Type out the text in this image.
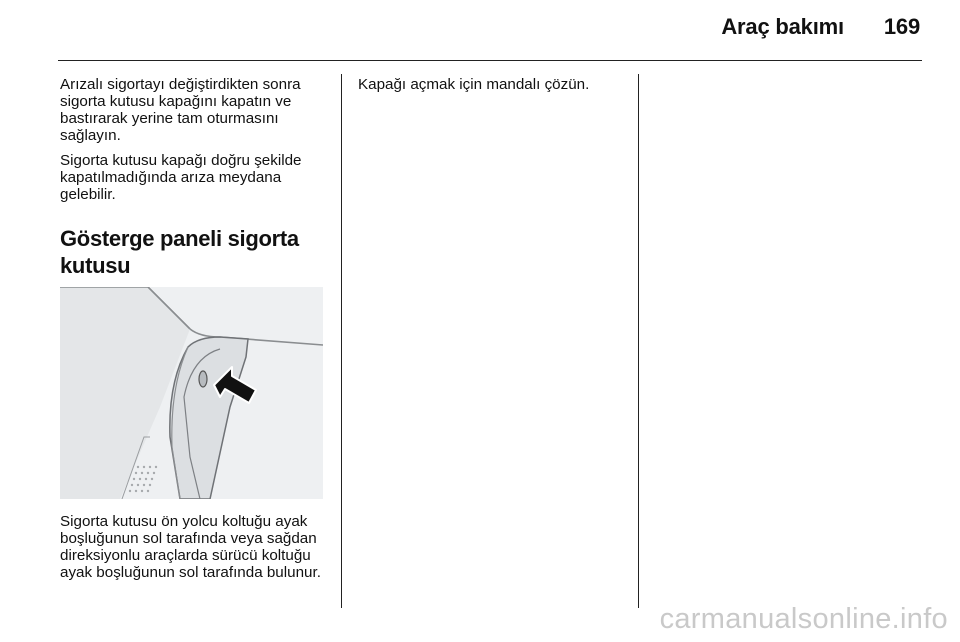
Araç bakımı 169

Arızalı sigortayı değiştirdikten sonra sigorta kutusu kapağını kapatın ve bastırarak yerine tam oturmasını sağlayın.

Sigorta kutusu kapağı doğru şekilde kapatılmadığında arıza meydana gelebilir.

Gösterge paneli sigorta kutusu
Sigorta kutusu ön yolcu koltuğu ayak boşluğunun sol tarafında veya sağdan direksiyonlu araçlarda sürücü koltuğu ayak boşluğunun sol tarafında bulunur.

Kapağı açmak için mandalı çözün.

carmanualsonline.info
